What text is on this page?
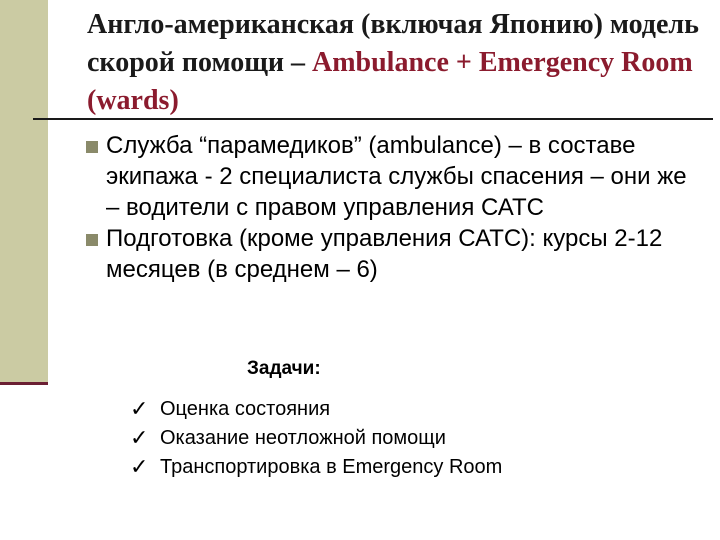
Англо-американская (включая Японию) модель скорой помощи – Ambulance + Emergency Room (wards)
Служба “парамедиков” (ambulance) – в составе экипажа - 2 специалиста службы спасения – они же – водители с правом управления САТС
Подготовка (кроме управления САТС): курсы 2-12 месяцев (в среднем – 6)
Задачи:
✓ Оценка состояния
✓ Оказание неотложной помощи
✓ Транспортировка в Emergency Room
